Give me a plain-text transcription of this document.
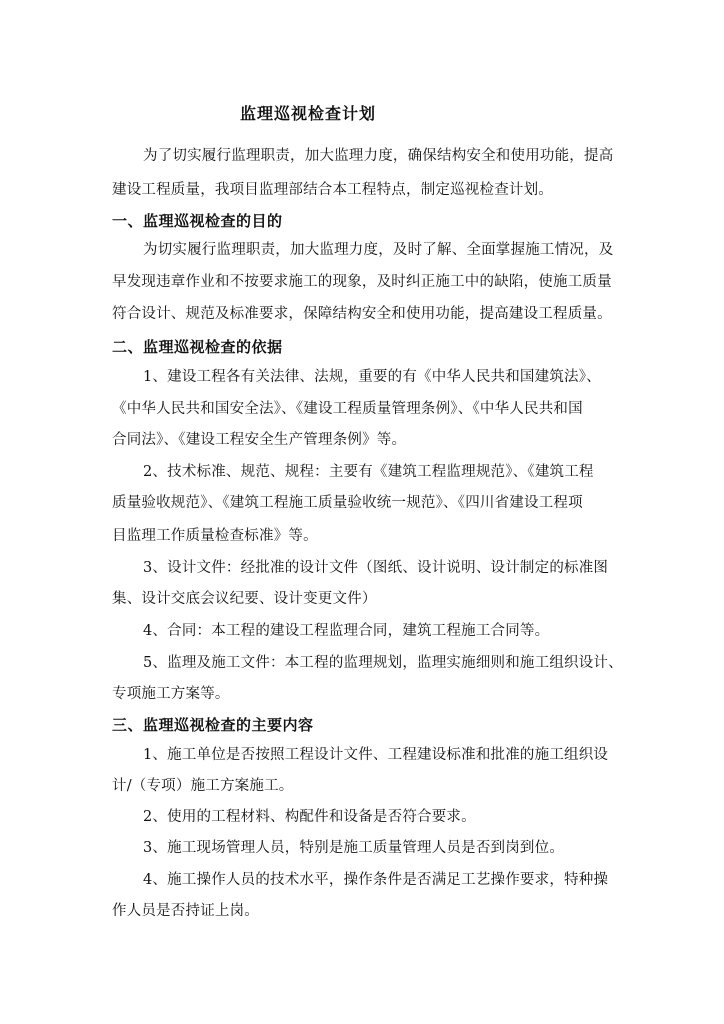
监理巡视检查计划
为了切实履行监理职责，加大监理力度，确保结构安全和使用功能，提高
建设工程质量，我项目监理部结合本工程特点，制定巡视检查计划。
一、监理巡视检查的目的
为切实履行监理职责，加大监理力度，及时了解、全面掌握施工情况，及
早发现违章作业和不按要求施工的现象，及时纠正施工中的缺陷，使施工质量
符合设计、规范及标准要求，保障结构安全和使用功能，提高建设工程质量。
二、监理巡视检查的依据
1、建设工程各有关法律、法规，重要的有《中华人民共和国建筑法》、
《中华人民共和国安全法》、《建设工程质量管理条例》、《中华人民共和国
合同法》、《建设工程安全生产管理条例》等。
2、技术标准、规范、规程：主要有《建筑工程监理规范》、《建筑工程
质量验收规范》、《建筑工程施工质量验收统一规范》、《四川省建设工程项
目监理工作质量检查标准》等。
3、设计文件：经批准的设计文件（图纸、设计说明、设计制定的标准图
集、设计交底会议纪要、设计变更文件）
4、合同：本工程的建设工程监理合同，建筑工程施工合同等。
5、监理及施工文件：本工程的监理规划，监理实施细则和施工组织设计、
专项施工方案等。
三、监理巡视检查的主要内容
1、施工单位是否按照工程设计文件、工程建设标准和批准的施工组织设
计/（专项）施工方案施工。
2、使用的工程材料、构配件和设备是否符合要求。
3、施工现场管理人员，特别是施工质量管理人员是否到岗到位。
4、施工操作人员的技术水平，操作条件是否满足工艺操作要求，特种操
作人员是否持证上岗。
